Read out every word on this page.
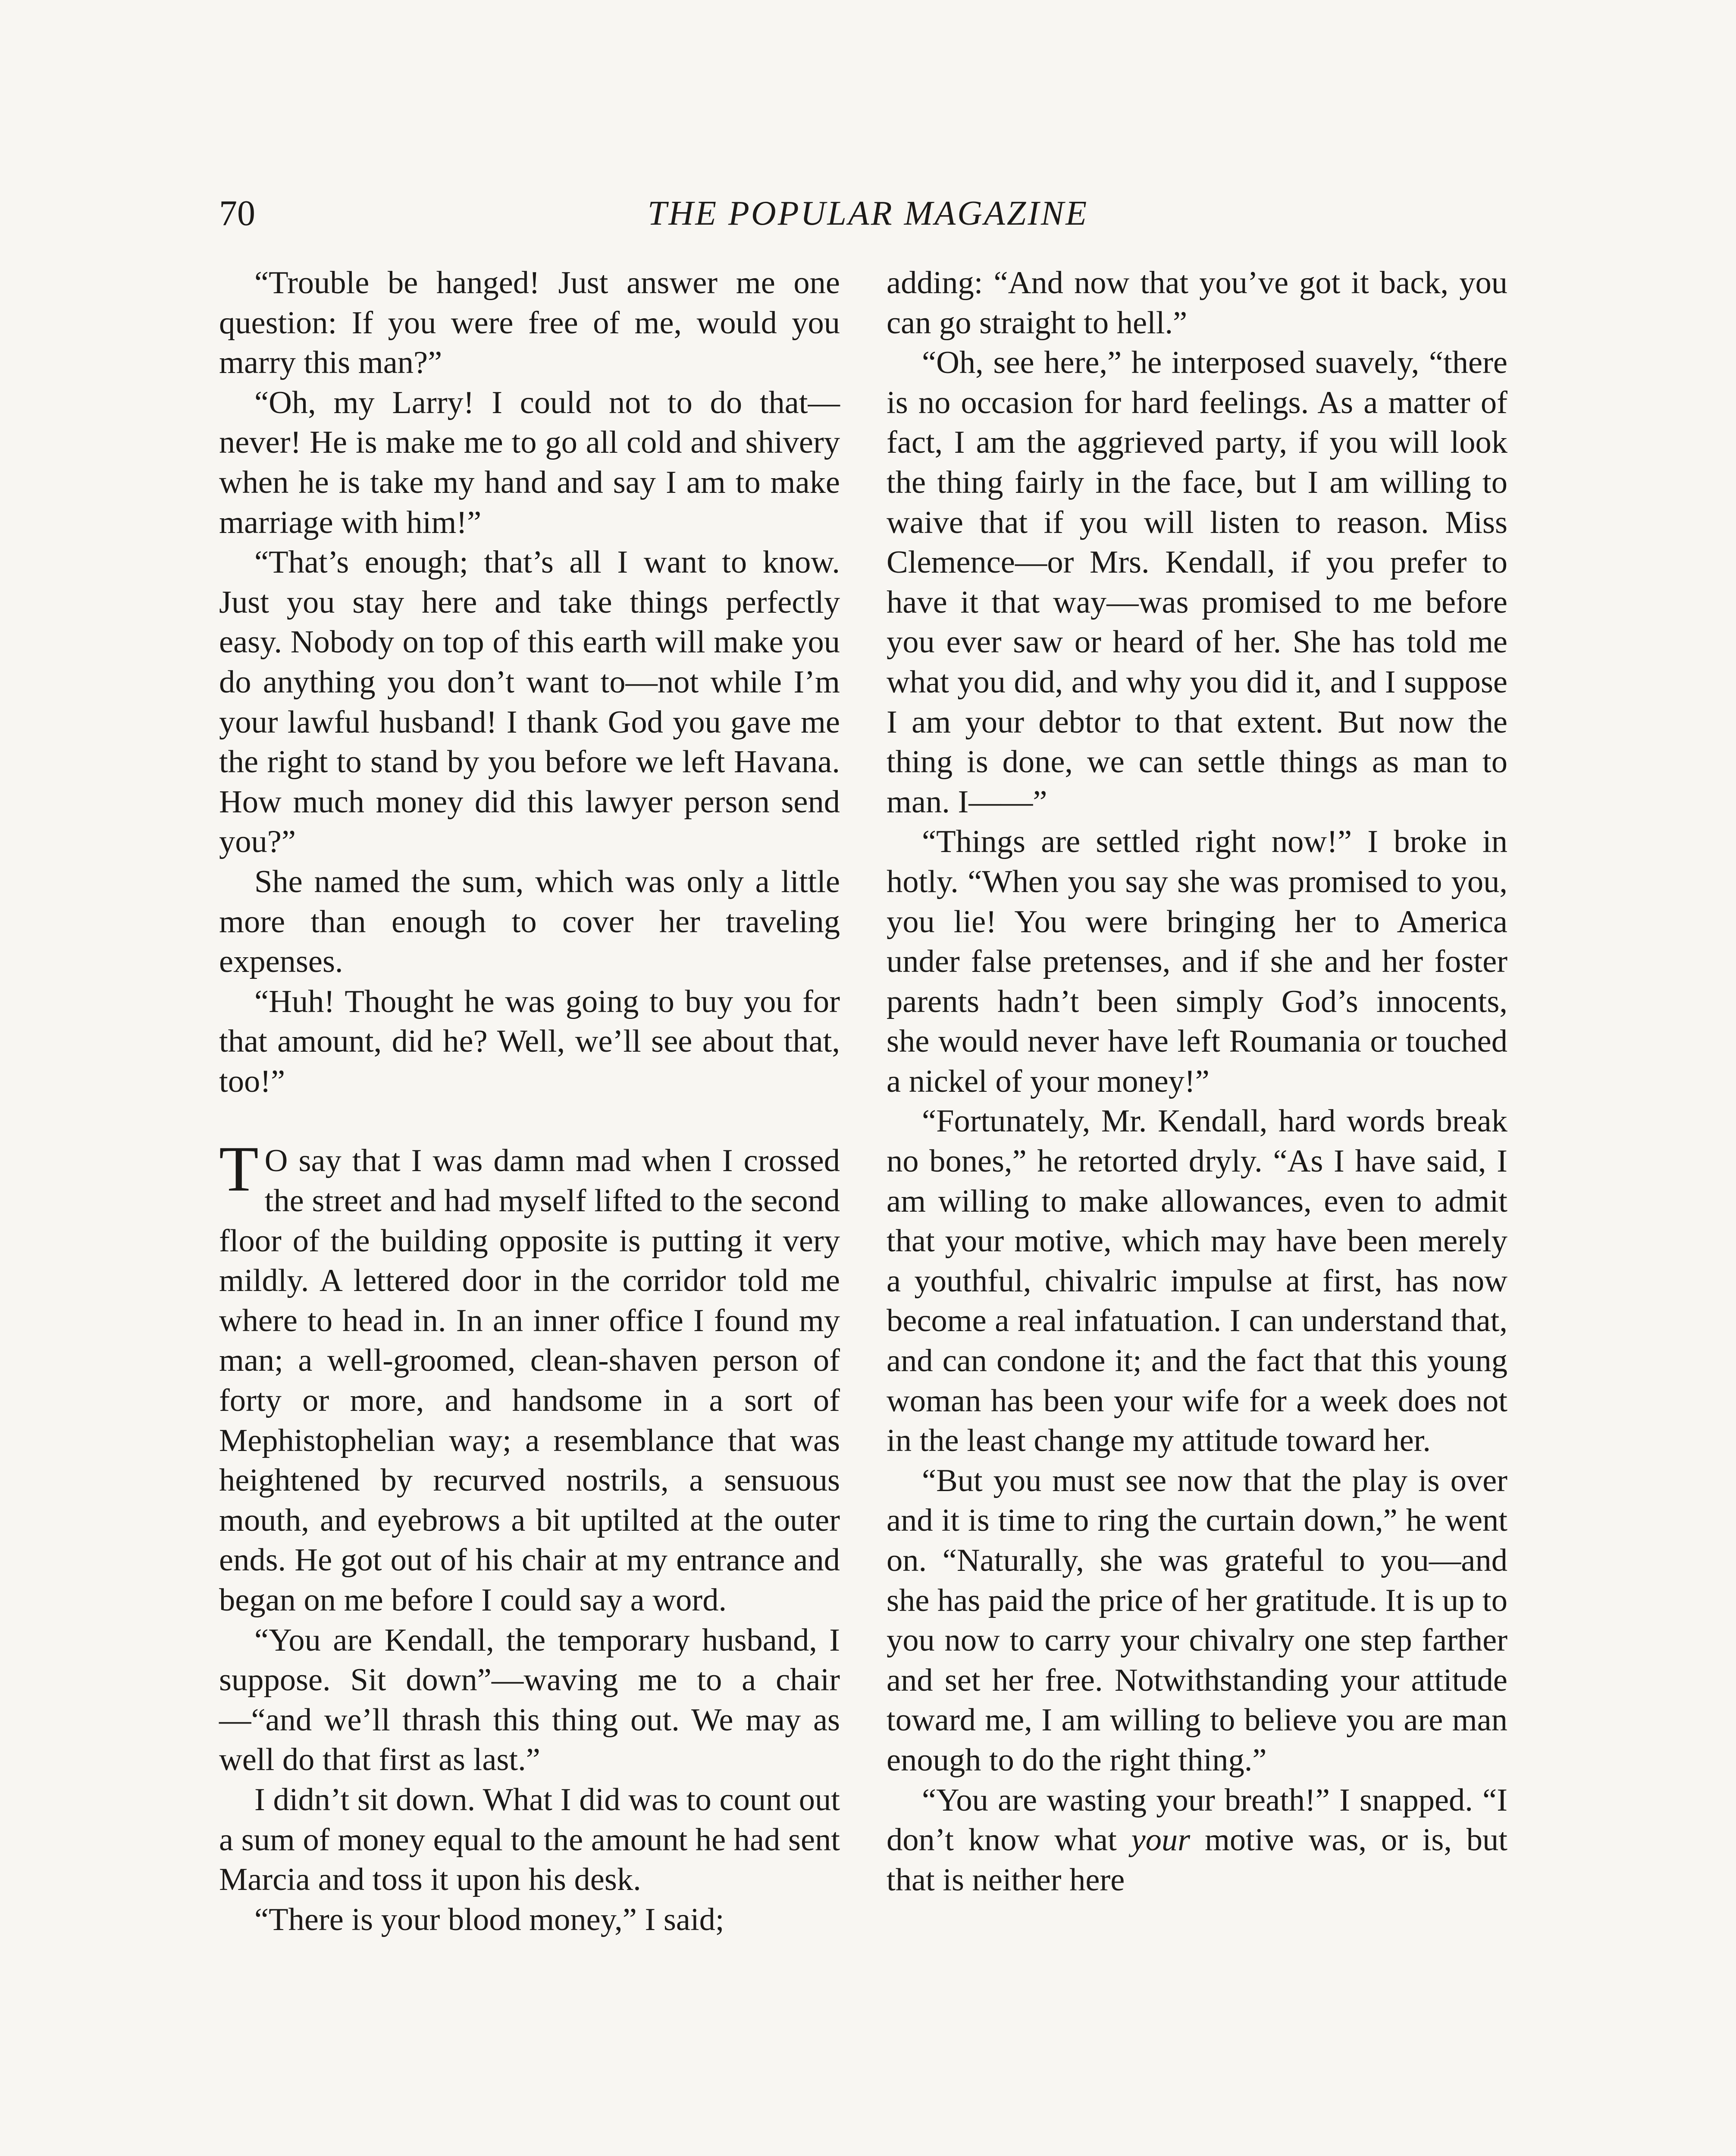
70	THE POPULAR MAGAZINE

“Trouble be hanged! Just answer me one question: If you were free of me, would you marry this man?”

“Oh, my Larry! I could not to do that—never! He is make me to go all cold and shivery when he is take my hand and say I am to make marriage with him!”

“That’s enough; that’s all I want to know. Just you stay here and take things perfectly easy. Nobody on top of this earth will make you do anything you don’t want to—not while I’m your lawful husband! I thank God you gave me the right to stand by you before we left Havana. How much money did this lawyer person send you?”

She named the sum, which was only a little more than enough to cover her traveling expenses.

“Huh! Thought he was going to buy you for that amount, did he? Well, we’ll see about that, too!”

T O say that I was damn mad when I crossed the street and had myself lifted to the second floor of the building opposite is putting it very mildly. A lettered door in the corridor told me where to head in. In an inner office I found my man; a well-groomed, clean-shaven person of forty or more, and handsome in a sort of Mephistophelian way; a resemblance that was heightened by recurved nostrils, a sensuous mouth, and eyebrows a bit uptilted at the outer ends. He got out of his chair at my entrance and began on me before I could say a word.

“You are Kendall, the temporary husband, I suppose. Sit down”—waving me to a chair—“and we’ll thrash this thing out. We may as well do that first as last.”

I didn’t sit down. What I did was to count out a sum of money equal to the amount he had sent Marcia and toss it upon his desk.

“There is your blood money,” I said;

adding: “And now that you’ve got it back, you can go straight to hell.”

“Oh, see here,” he interposed suavely, “there is no occasion for hard feelings. As a matter of fact, I am the aggrieved party, if you will look the thing fairly in the face, but I am willing to waive that if you will listen to reason. Miss Clemence—or Mrs. Kendall, if you prefer to have it that way—was promised to me before you ever saw or heard of her. She has told me what you did, and why you did it, and I suppose I am your debtor to that extent. But now the thing is done, we can settle things as man to man. I——”

“Things are settled right now!” I broke in hotly. “When you say she was promised to you, you lie! You were bringing her to America under false pretenses, and if she and her foster parents hadn’t been simply God’s innocents, she would never have left Roumania or touched a nickel of your money!”

“Fortunately, Mr. Kendall, hard words break no bones,” he retorted dryly. “As I have said, I am willing to make allowances, even to admit that your motive, which may have been merely a youthful, chivalric impulse at first, has now become a real infatuation. I can understand that, and can condone it; and the fact that this young woman has been your wife for a week does not in the least change my attitude toward her.

“But you must see now that the play is over and it is time to ring the curtain down,” he went on. “Naturally, she was grateful to you—and she has paid the price of her gratitude. It is up to you now to carry your chivalry one step farther and set her free. Notwithstanding your attitude toward me, I am willing to believe you are man enough to do the right thing.”

“You are wasting your breath!” I snapped. “I don’t know what your motive was, or is, but that is neither here
